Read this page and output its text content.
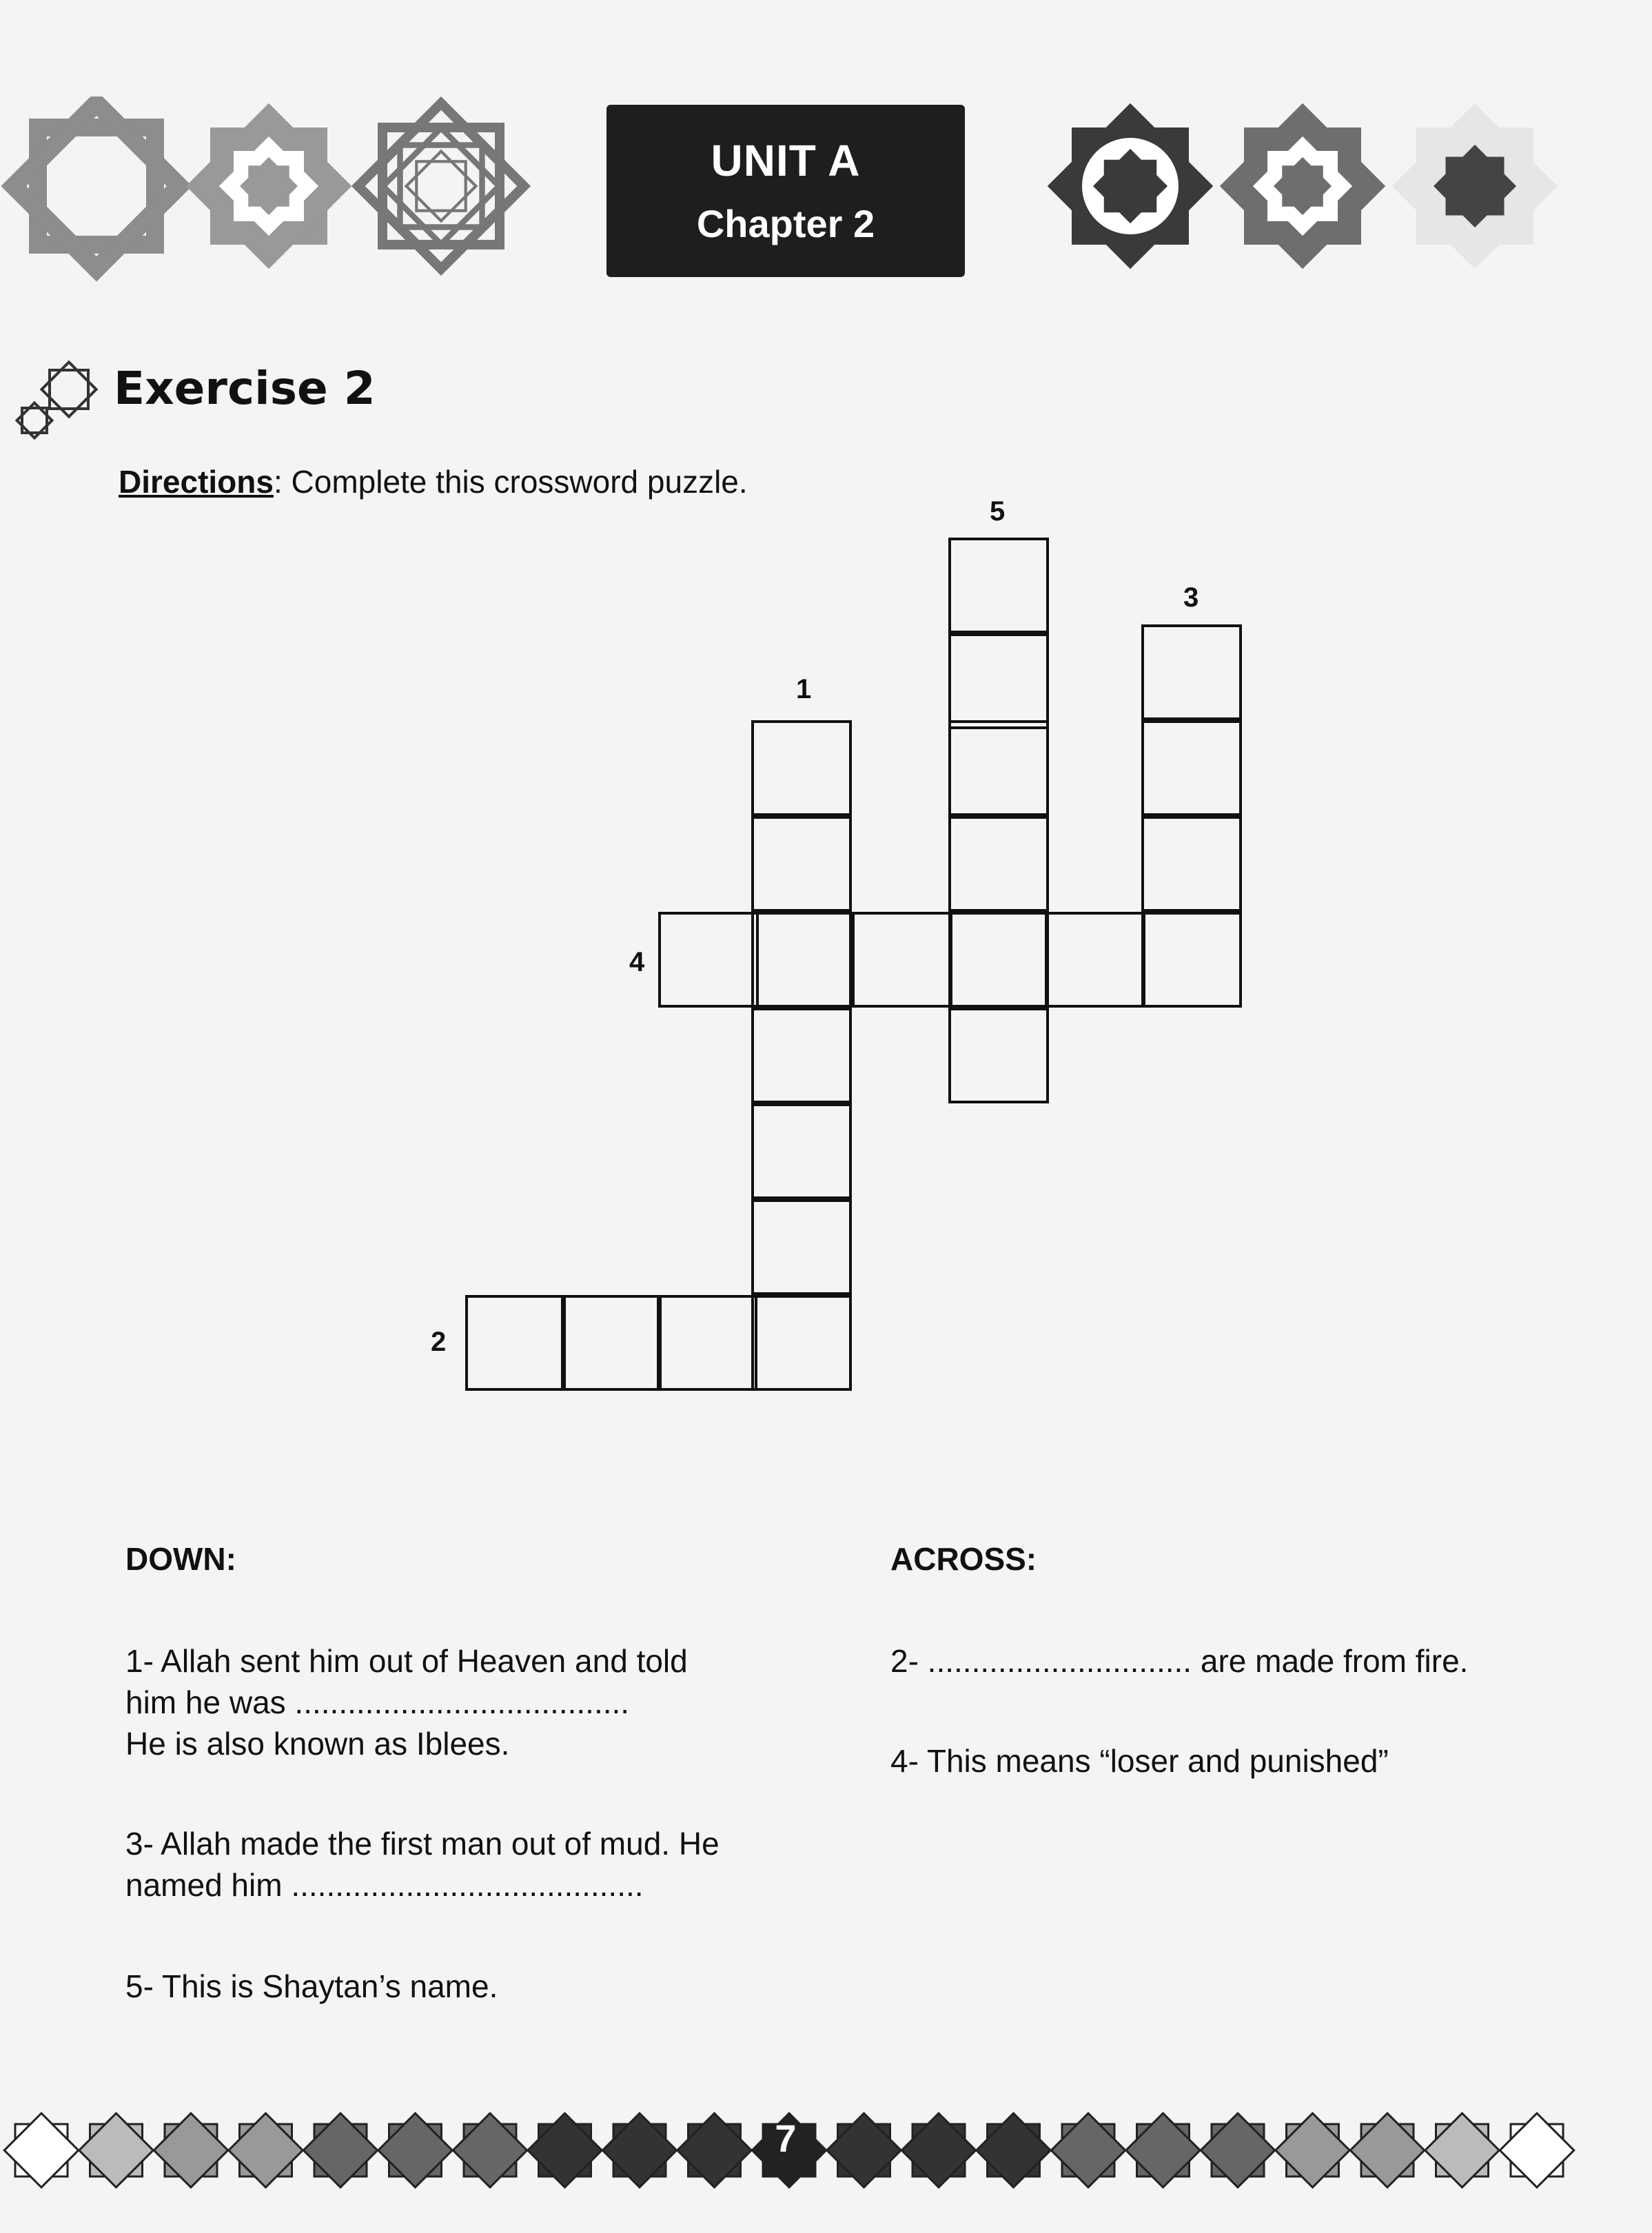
UNIT A
Chapter 2
Exercise 2
Directions: Complete this crossword puzzle.
1
2
3
4
5
DOWN:	ACROSS:
1- Allah sent him out of Heaven and told
him he was ......................................
He is also known as Iblees.
3- Allah made the first man out of mud. He
named him ........................................
5- This is Shaytan’s name.
2- .............................. are made from fire.
4- This means “loser and punished”
7
